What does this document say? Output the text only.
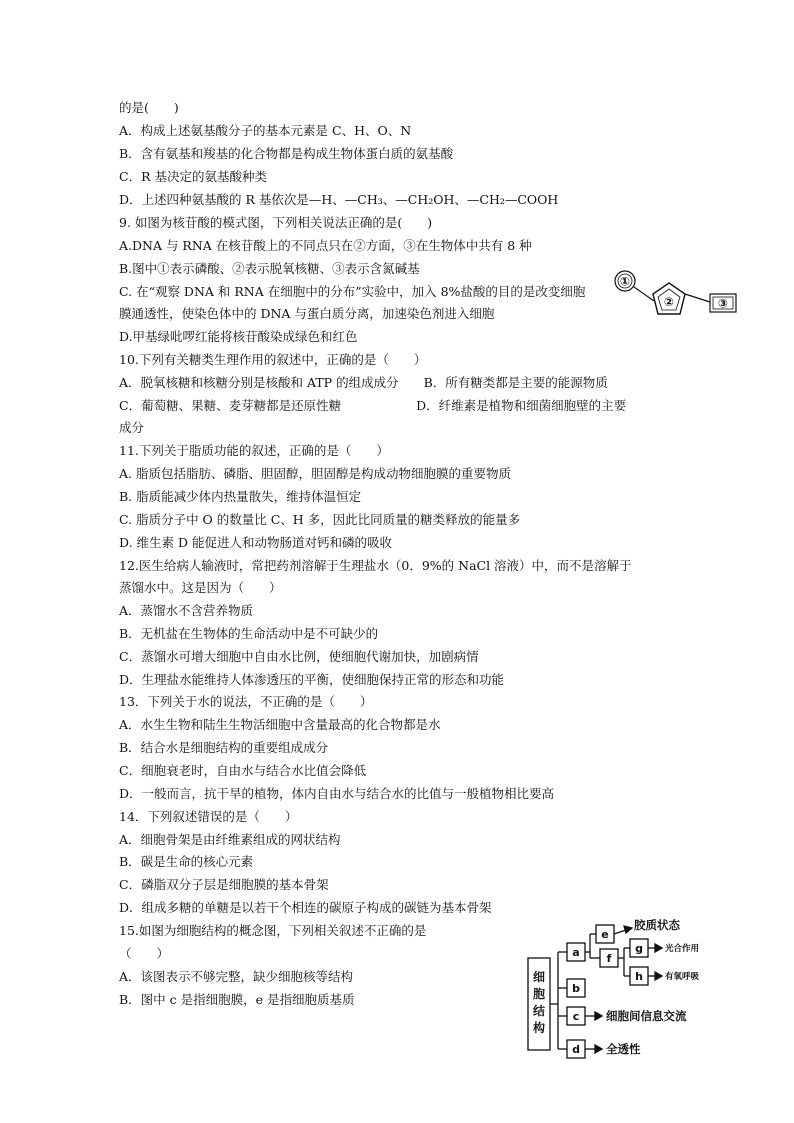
的是(　　)
A．构成上述氨基酸分子的基本元素是 C、H、O、N
B．含有氨基和羧基的化合物都是构成生物体蛋白质的氨基酸
C．R 基决定的氨基酸种类
D．上述四种氨基酸的 R 基依次是—H、—CH₃、—CH₂OH、—CH₂—COOH
9. 如图为核苷酸的模式图，下列相关说法正确的是(　　)
A.DNA 与 RNA 在核苷酸上的不同点只在②方面，③在生物体中共有 8 种
B.图中①表示磷酸、②表示脱氧核糖、③表示含氮碱基
C. 在“观察 DNA 和 RNA 在细胞中的分布”实验中，加入 8%盐酸的目的是改变细胞
膜通透性，使染色体中的 DNA 与蛋白质分离，加速染色剂进入细胞
D.甲基绿吡啰红能将核苷酸染成绿色和红色
10.下列有关糖类生理作用的叙述中，正确的是（　　）
A．脱氧核糖和核糖分别是核酸和 ATP 的组成成分　　B．所有糖类都是主要的能源物质
C．葡萄糖、果糖、麦芽糖都是还原性糖　　　　　　D．纤维素是植物和细菌细胞壁的主要
成分
11.下列关于脂质功能的叙述，正确的是（　　）
A. 脂质包括脂肪、磷脂、胆固醇，胆固醇是构成动物细胞膜的重要物质
B. 脂质能减少体内热量散失，维持体温恒定
C. 脂质分子中 O 的数量比 C、H 多，因此比同质量的糖类释放的能量多
D. 维生素 D 能促进人和动物肠道对钙和磷的吸收
12.医生给病人输液时，常把药剂溶解于生理盐水（0．9%的 NaCl 溶液）中，而不是溶解于
蒸馏水中。这是因为（　　）
A．蒸馏水不含营养物质
B．无机盐在生物体的生命活动中是不可缺少的
C．蒸馏水可增大细胞中自由水比例，使细胞代谢加快，加剧病情
D．生理盐水能维持人体渗透压的平衡，使细胞保持正常的形态和功能
13．下列关于水的说法，不正确的是（　　）
A．水生生物和陆生生物活细胞中含量最高的化合物都是水
B．结合水是细胞结构的重要组成成分
C．细胞衰老时，自由水与结合水比值会降低
D．一般而言，抗干旱的植物，体内自由水与结合水的比值与一般植物相比要高
14．下列叙述错误的是（　　）
A．细胞骨架是由纤维素组成的网状结构
B．碳是生命的核心元素
C．磷脂双分子层是细胞膜的基本骨架
D．组成多糖的单糖是以若干个相连的碳原子构成的碳链为基本骨架
15.如图为细胞结构的概念图，下列相关叙述不正确的是
（　　）
A．该图表示不够完整，缺少细胞核等结构
B．图中 c 是指细胞膜，e 是指细胞质基质
①
②	③
细
胞
结
构
a
b
c
d
e
f
g
h
胶质状态
光合作用
有氧呼吸
细胞间信息交流
全透性
